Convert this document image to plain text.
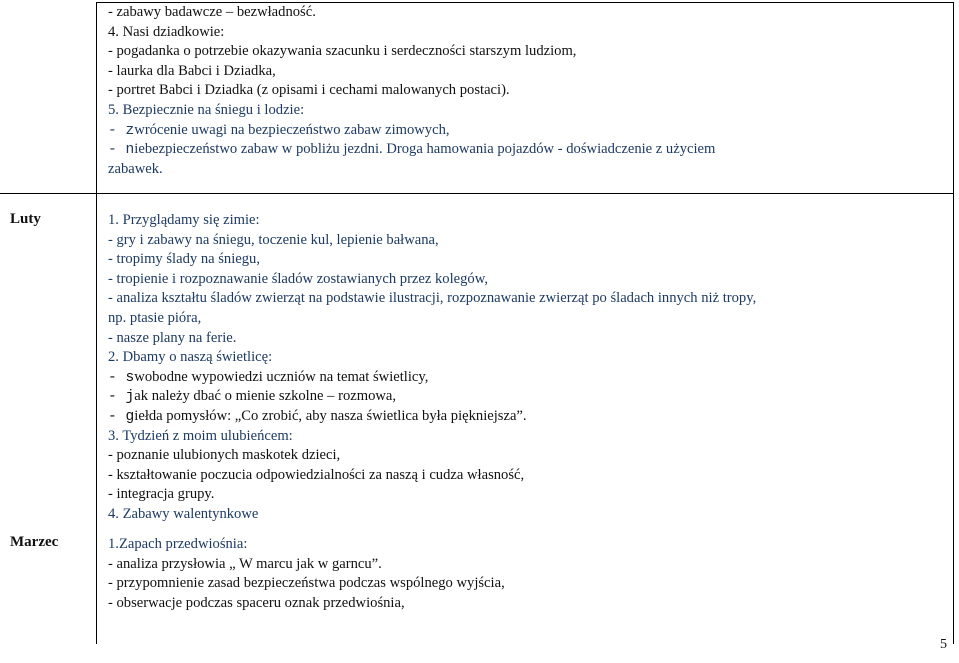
- zabawy badawcze – bezwładność.
4. Nasi dziadkowie:
- pogadanka o potrzebie okazywania szacunku i serdeczności starszym ludziom,
- laurka dla Babci i Dziadka,
- portret Babci i Dziadka (z opisami i cechami malowanych postaci).
5. Bezpiecznie na śniegu i lodzie:
- zwrócenie uwagi na bezpieczeństwo zabaw zimowych,
- niebezpieczeństwo zabaw w pobliżu jezdni. Droga hamowania pojazdów - doświadczenie z użyciem
zabawek.
Luty
Marzec
1. Przyglądamy się zimie:
- gry i zabawy na śniegu, toczenie kul, lepienie bałwana,
- tropimy ślady na śniegu,
- tropienie i rozpoznawanie śladów zostawianych przez kolegów,
- analiza kształtu śladów zwierząt na podstawie ilustracji, rozpoznawanie zwierząt po śladach innych niż tropy,
np. ptasie pióra,
- nasze plany na ferie.
2. Dbamy o naszą świetlicę:
- swobodne wypowiedzi uczniów na temat świetlicy,
- jak należy dbać o mienie szkolne – rozmowa,
- giełda pomysłów: „Co zrobić, aby nasza świetlica była piękniejsza”.
3. Tydzień z moim ulubieńcem:
- poznanie ulubionych maskotek dzieci,
- kształtowanie poczucia odpowiedzialności za naszą i cudza własność,
- integracja grupy.
4. Zabawy walentynkowe
1.Zapach przedwiośnia:
- analiza przysłowia „ W marcu jak w garncu”.
- przypomnienie zasad bezpieczeństwa podczas wspólnego wyjścia,
- obserwacje podczas spaceru oznak przedwiośnia,
5
